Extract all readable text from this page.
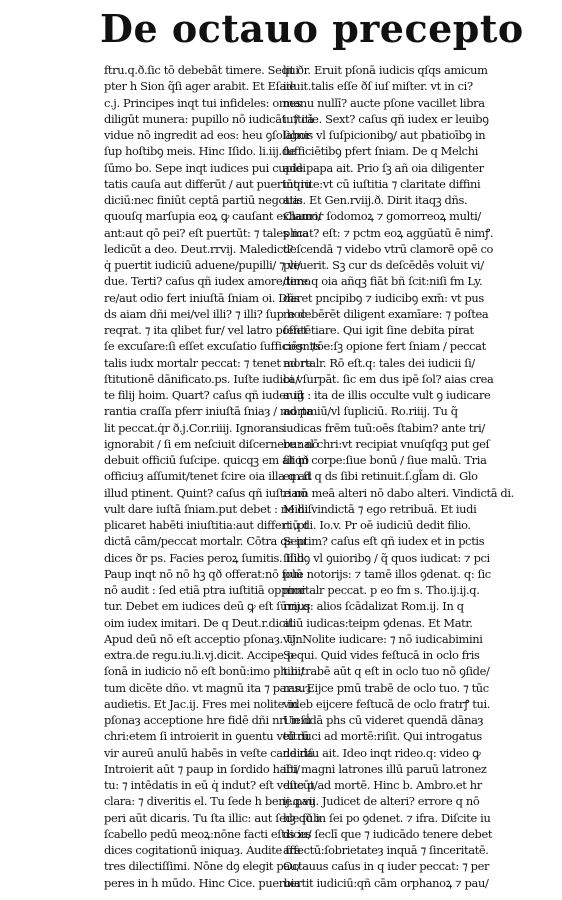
De octauo precepto
ftru.q.ð.ſic tō debebāt timere. Sequi
pter h Sion q̃ſi ager arabit. Et Eſaie
c.j. Principes inqt tui infideles: omes
diligūt munera: pupillo nō iudicāt: ⁊ cā
vidue nō ingredit ad eos: heu ꝯſolabor
ſup hoſtibꝯ meis. Hinc Iſido. li.iij.de
ſūmo bo. Sepe inqt iudices pui cupidi
tatis cauſa aut differūt / aut puertūt iu
diciū:nec finiūt ceptā partiū negotia:
quouſq marſupia eoꝝ ꝙ cauſant exhauri/
ant:aut qō pei? eſt puertūt: ⁊ tales ma
ledicūt a deo. Deut.rrvij. Maledict?
q̇ puertit iudiciū aduene/pupilli/ ⁊ vi/
due. Terti? caſus qñ iudex amore/timo
re/aut odio fert iniuſtā ſniam oi. Dñs
ds aiam dñi mei/vel illi? ⁊ illi? ſup hoc
reqrat. ⁊ ita qlibet fur/ vel latro poſſet
ſe excuſare:ſi eſſet excuſatio ſufficiēs: ⁊s
talis iudx mortalr peccat: ⁊ tenet ad re
ſtitutionē dānificato.ps. Iuſte iudica/
te filij hoim. Quart? caſus qñ iuder iḡ
rantia craſſa pferr iniuſtā ſniaȝ / morta
lit peccat.q̇r ð.j.Cor.riiij. Ignorans
ignorabit / ſi em neſciuit diſcernere : nō
debuit officiū ſuſcipe. quicqꝫ em aliqð
officiuȝ aſſumit/tenet ſcire oia illa q ad
illud ptinent. Quint? caſus qñ iuſte nō
vult dare iuſtā ſniam.put debet : ne diſ
plicaret habēti iniuſtitia:aut differt ,pt
dictā cām/peccat mortalr. Cōtra qs iu
dices ðr ps. Facies peroꝝ ſumitis. Iſid.
Paup inqt nō nō hꝫ qð offerat:nō ſolū
nō audit : ſed etiā ptra iuſtitiā oppimi
tur. Debet em iudices deū ꝙ eſt ſūmus
oim iudex imitari. De q Deut.r.dicit.
Apud deū nō eſt acceptio pſonaȝ. Un
extra.de regu.iu.li.vj.dicit. Accipe p
ſonā in iudicio nō eſt bonū:imo phibi/
tum dicēte dño. vt magnū ita ⁊ paruuȝ
audietis. Et Jac.ij. Fres mei nolite in
pſonaȝ acceptione hre fidē dñi nri ieſu
chri:etem ſi introierit in ꝯuentu veſtrū
vir aureū anulū habēs in veſte candida
Introierit aūt ⁊ paup in ſordido habi/
tu: ⁊ intēdatis in eū q̇ indut? eſt veſte p/
clara: ⁊ diveritis el. Tu ſede h bene.pau
peri aūt dicaris. Tu ſta illic: aut ſede ſub
ſcabello pedū meoꝝ:nōne facti eſtis iu/
dices cogitationū iniquaȝ. Audite fra
tres dilectiſſimi. Nōne dꝯ elegit pau/
peres in h mūdo. Hinc Cice. puerbia
lit ðr. Eruit pſonā iudicis qſqs amicum
iduit.talis eſſe ðſ iuſ miſter. vt in ci?
manu nullī? aucte pſone vacillet libra
iuſtitie. Sext? caſus qñ iudex er leuibꝯ
ſignis vl ſuſpicionibꝯ/ aut pbatioībꝯ in
ſufficiētibꝯ pfert ſniam. De q Melchi
ade papa ait. Prio ſꝫ añ oia diligenter
inqrite:vt cū iuſtitia ⁊ claritate diffini
atis. Et Gen.rviij.ð. Dirit itaqꝫ dñs.
Clamor ſodomoꝝ ⁊ gomorreoꝝ multi/
plicat? eſt: ⁊ pctm eoꝝ aggūatū ē nimꝭ.
deſcendā ⁊ videbo vtrū clamorē opē co
pleuerit. Sꝫ cur ds deſcēdēs voluit vi/
dere.q oia añqꝫ fiāt bñ ſcit:niſi fm Ly.
daret pncipibꝯ ⁊ iudicibꝯ exm̄: vt pus
re debērēt diligent examīare: ⁊ poſtea
ſentētiare. Qui igit ſine debita pirat
cognitōe:ſꝫ opione fert ſniam / peccat
mortalr. Rō eſt.q: tales dei iudicii ſi/
bi vſurpāt. ſic em dus ipē ſol? aias crea
auit : ita de illis occulte vult ꝯ iudicare
ad pmiū/vl ſupliciū. Ro.riiij. Tu q̃
iudicas frēm tuū:oēs ſtabim? ante tri/
bunal chri:vt recipiat vnuſqſqꝫ put geſ
ſit in corpe:ſiue bonū / ſiue malū. Tria
em ſt q ds ſibi retinuit.ſ.gl̃am di. Glo
riam meā alteri nō dabo alteri. Vindictā di.
Mihi vindictā ⁊ ego retribuā. Et iudi
ciū di. Io.v. Pr oē iudiciū dedit filio.
Septim? caſus eſt qñ iudex et in pctis
ſilibꝯ vl ꝯuioribꝯ / q̃ quos iudicat: ⁊ pci
pue notorijs: ⁊ tamē illos ꝯdenat. q: ſic
mortalr peccat. p eo fm s. Tho.ij.ij.q.
rrij.q: alios ſcādalizat Rom.ij. In q
aliū iudicas:teipm ꝯdenas. Et Matr.
vij. Nolite iudicare: ⁊ nō iudicabimini
Sequi. Quid vides feſtucā in oclo fris
tui:trabē aūt q eſt in oclo tuo nō ꝯſide/
ras. Eijce pmū trabē de oclo tuo. ⁊ tūc
videb eijcere feſtucā de oclo fratrꝭ tui.
Un ḋdā phs cū videret quendā dānaȝ
tū duci ad mortē:riſit. Qui introgatus
de riſu ait. Ideo inqt rideo.q: video ꝙ
iſti magni latrones illū paruū latronez
ducūt ad mortē. Hinc b. Ambro.et hr
ij.q.vij. Judicet de alteri? errore q nō
hꝫ qð in ſei po ꝯdenet. ⁊ ifra. Diſcite iu
dices ſeclī que ⁊ iudicādo tenere debet
affectū:ſobrietateȝ inquā ⁊ ſinceritatē.
Octauus caſus in q iuder peccat: ⁊ per
uertit iudiciū:qñ cām orphanoꝝ ⁊ pau/
